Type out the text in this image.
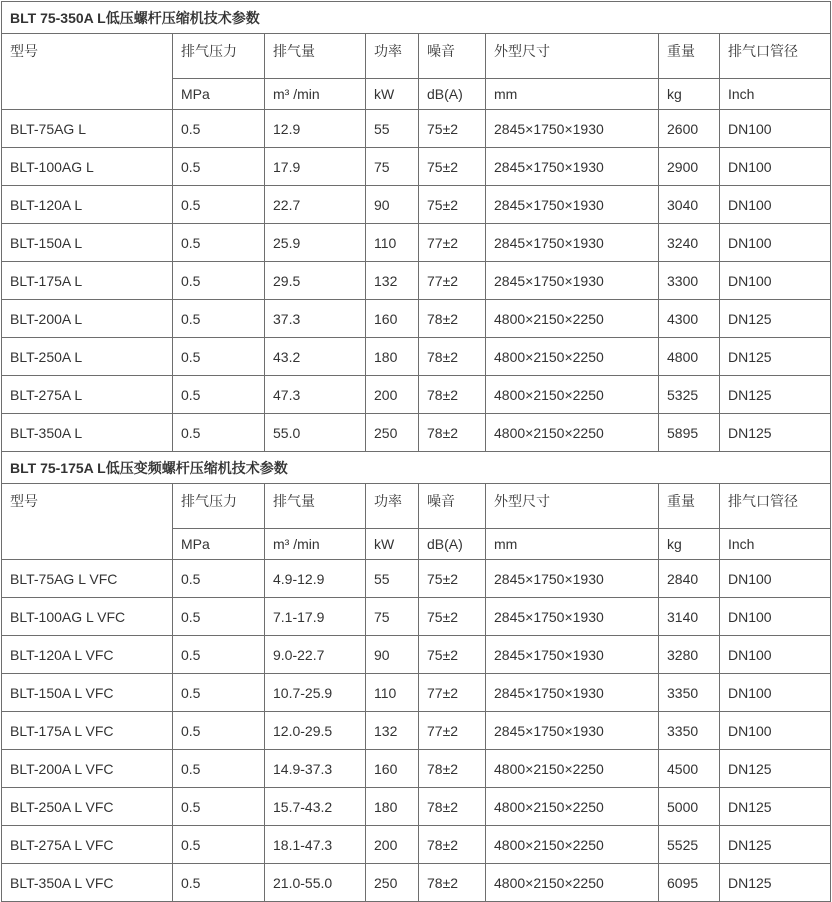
BLT 75-350A L低压螺杆压缩机技术参数							
型号	排气压力	排气量	功率	噪音	外型尺寸	重量	排气口管径
	MPa	m³ /min	kW	dB(A)	mm	kg	Inch
BLT-75AG L	0.5	12.9	55	75±2	2845×1750×1930	2600	DN100
BLT-100AG L	0.5	17.9	75	75±2	2845×1750×1930	2900	DN100
BLT-120A L	0.5	22.7	90	75±2	2845×1750×1930	3040	DN100
BLT-150A L	0.5	25.9	110	77±2	2845×1750×1930	3240	DN100
BLT-175A L	0.5	29.5	132	77±2	2845×1750×1930	3300	DN100
BLT-200A L	0.5	37.3	160	78±2	4800×2150×2250	4300	DN125
BLT-250A L	0.5	43.2	180	78±2	4800×2150×2250	4800	DN125
BLT-275A L	0.5	47.3	200	78±2	4800×2150×2250	5325	DN125
BLT-350A L	0.5	55.0	250	78±2	4800×2150×2250	5895	DN125
BLT 75-175A L低压变频螺杆压缩机技术参数							
型号	排气压力	排气量	功率	噪音	外型尺寸	重量	排气口管径
	MPa	m³ /min	kW	dB(A)	mm	kg	Inch
BLT-75AG L VFC	0.5	4.9-12.9	55	75±2	2845×1750×1930	2840	DN100
BLT-100AG L VFC	0.5	7.1-17.9	75	75±2	2845×1750×1930	3140	DN100
BLT-120A L VFC	0.5	9.0-22.7	90	75±2	2845×1750×1930	3280	DN100
BLT-150A L VFC	0.5	10.7-25.9	110	77±2	2845×1750×1930	3350	DN100
BLT-175A L VFC	0.5	12.0-29.5	132	77±2	2845×1750×1930	3350	DN100
BLT-200A L VFC	0.5	14.9-37.3	160	78±2	4800×2150×2250	4500	DN125
BLT-250A L VFC	0.5	15.7-43.2	180	78±2	4800×2150×2250	5000	DN125
BLT-275A L VFC	0.5	18.1-47.3	200	78±2	4800×2150×2250	5525	DN125
BLT-350A L VFC	0.5	21.0-55.0	250	78±2	4800×2150×2250	6095	DN125
